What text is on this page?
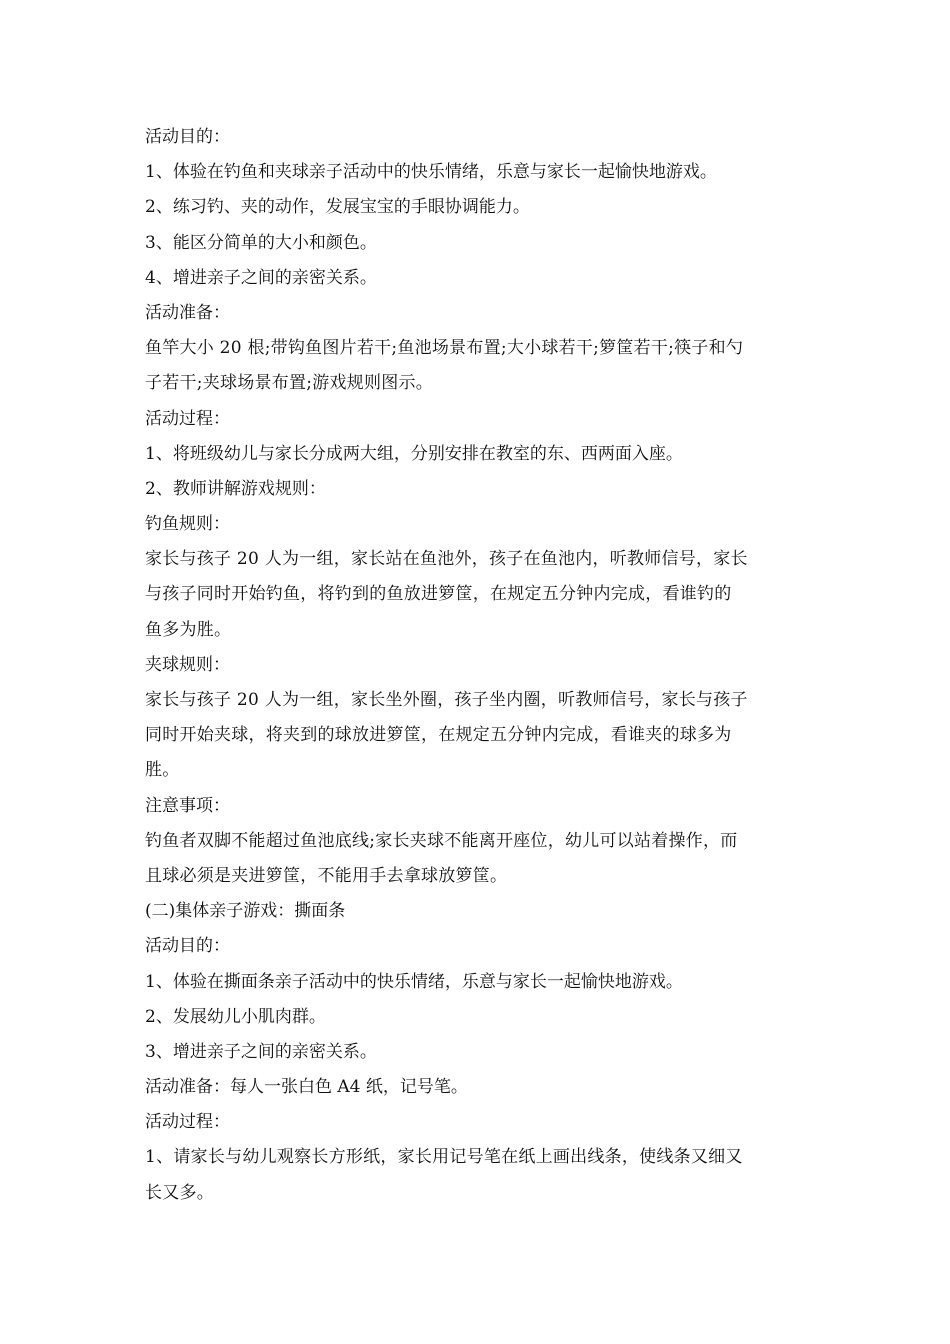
活动目的：
1、体验在钓鱼和夹球亲子活动中的快乐情绪，乐意与家长一起愉快地游戏。
2、练习钓、夹的动作，发展宝宝的手眼协调能力。
3、能区分简单的大小和颜色。
4、增进亲子之间的亲密关系。
活动准备：
鱼竿大小 20 根;带钩鱼图片若干;鱼池场景布置;大小球若干;箩筐若干;筷子和勺
子若干;夹球场景布置;游戏规则图示。
活动过程：
1、将班级幼儿与家长分成两大组，分别安排在教室的东、西两面入座。
2、教师讲解游戏规则：
钓鱼规则：
家长与孩子 20 人为一组，家长站在鱼池外，孩子在鱼池内，听教师信号，家长
与孩子同时开始钓鱼，将钓到的鱼放进箩筐，在规定五分钟内完成，看谁钓的
鱼多为胜。
夹球规则：
家长与孩子 20 人为一组，家长坐外圈，孩子坐内圈，听教师信号，家长与孩子
同时开始夹球，将夹到的球放进箩筐，在规定五分钟内完成，看谁夹的球多为
胜。
注意事项：
钓鱼者双脚不能超过鱼池底线;家长夹球不能离开座位，幼儿可以站着操作，而
且球必须是夹进箩筐，不能用手去拿球放箩筐。
(二)集体亲子游戏：撕面条
活动目的：
1、体验在撕面条亲子活动中的快乐情绪，乐意与家长一起愉快地游戏。
2、发展幼儿小肌肉群。
3、增进亲子之间的亲密关系。
活动准备：每人一张白色 A4 纸，记号笔。
活动过程：
1、请家长与幼儿观察长方形纸，家长用记号笔在纸上画出线条，使线条又细又
长又多。
